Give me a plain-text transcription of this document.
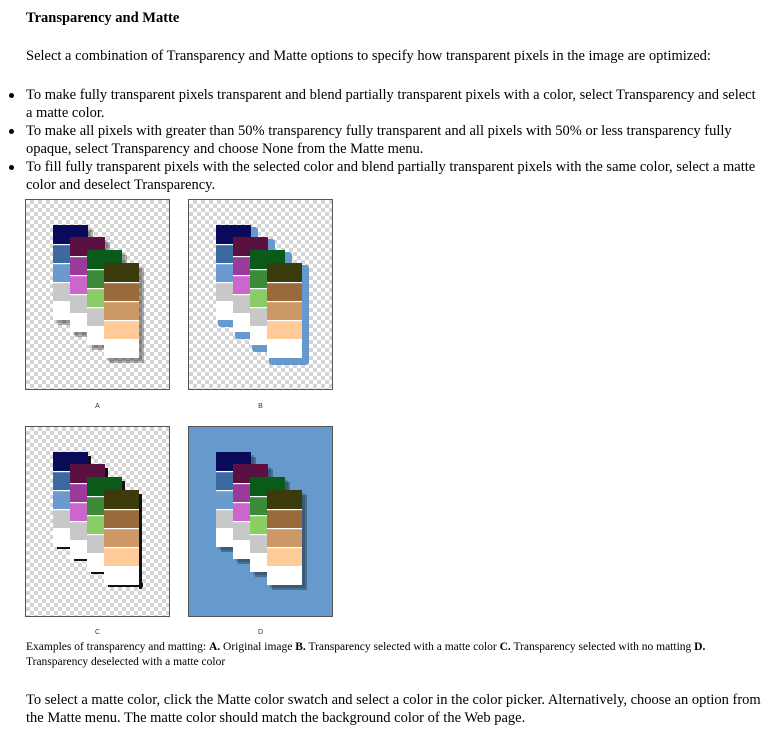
Transparency and Matte

Select a combination of Transparency and Matte options to specify how transparent pixels in the image are optimized:

To make fully transparent pixels transparent and blend partially transparent pixels with a color, select Transparency and select a matte color.
To make all pixels with greater than 50% transparency fully transparent and all pixels with 50% or less transparency fully opaque, select Transparency and choose None from the Matte menu.
To fill fully transparent pixels with the selected color and blend partially transparent pixels with the same color, select a matte color and deselect Transparency.
A	B
C	D

Examples of transparency and matting: A. Original image B. Transparency selected with a matte color C. Transparency selected with no matting D. Transparency deselected with a matte color

To select a matte color, click the Matte color swatch and select a color in the color picker. Alternatively, choose an option from the Matte menu. The matte color should match the background color of the Web page.
